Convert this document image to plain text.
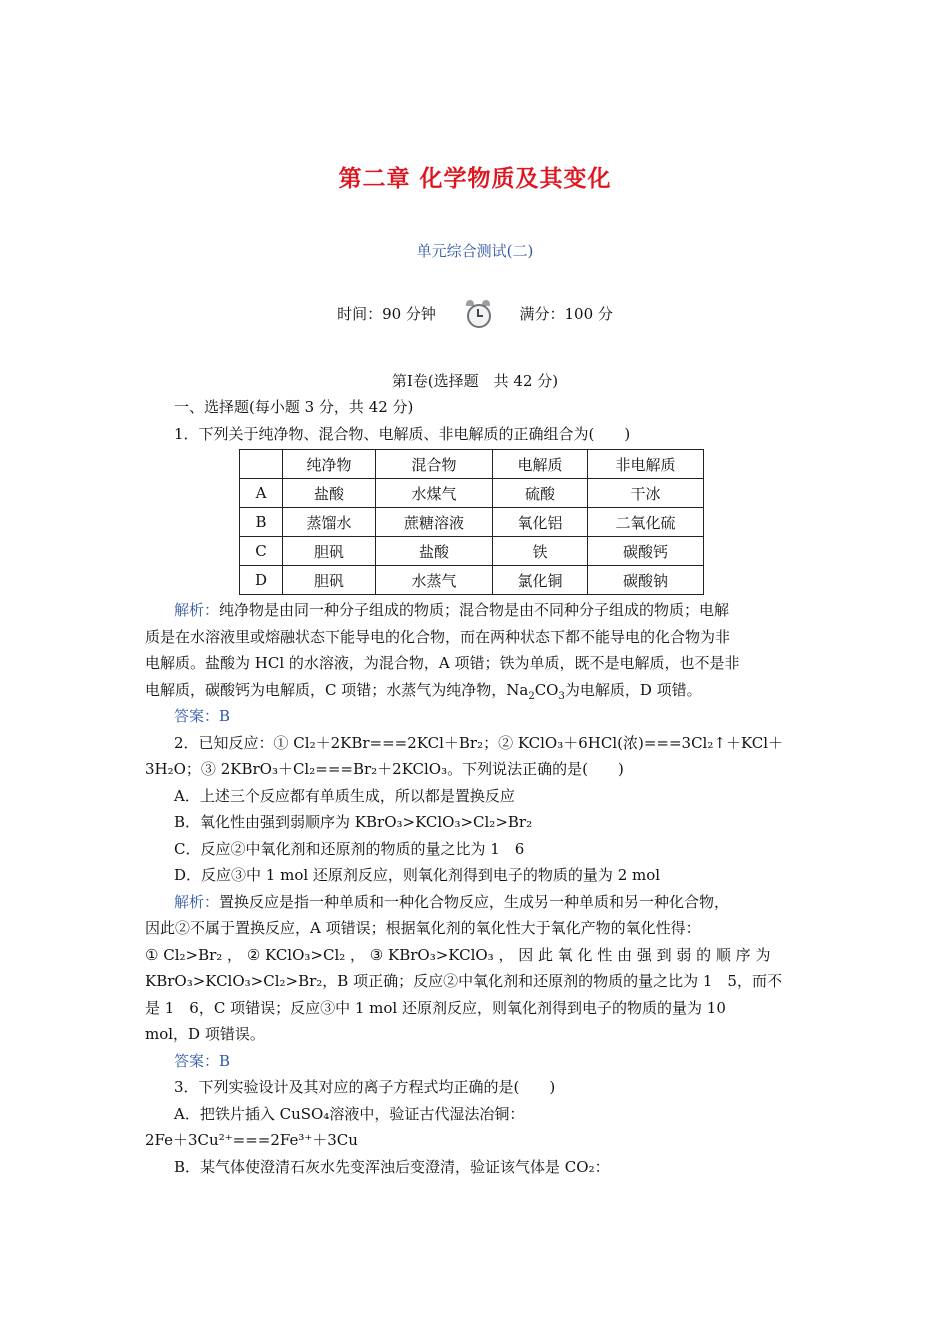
第二章 化学物质及其变化
单元综合测试(二)
时间：90 分钟	满分：100 分
第Ⅰ卷(选择题　共 42 分)

一、选择题(每小题 3 分，共 42 分)

1．下列关于纯净物、混合物、电解质、非电解质的正确组合为(　　)

	纯净物	混合物	电解质	非电解质
A	盐酸	水煤气	硫酸	干冰
B	蒸馏水	蔗糖溶液	氧化铝	二氧化硫
C	胆矾	盐酸	铁	碳酸钙
D	胆矾	水蒸气	氯化铜	碳酸钠

解析：纯净物是由同一种分子组成的物质；混合物是由不同种分子组成的物质；电解

质是在水溶液里或熔融状态下能导电的化合物，而在两种状态下都不能导电的化合物为非

电解质。盐酸为 HCl 的水溶液，为混合物，A 项错；铁为单质，既不是电解质，也不是非

电解质，碳酸钙为电解质，C 项错；水蒸气为纯净物，$Na_2CO_3$为电解质，D 项错。

答案：B

2．已知反应：① Cl₂＋2KBr===2KCl＋Br₂；② KClO₃＋6HCl(浓)===3Cl₂↑＋KCl＋

3H₂O；③ 2KBrO₃＋Cl₂===Br₂＋2KClO₃。下列说法正确的是(　　)

A．上述三个反应都有单质生成，所以都是置换反应

B．氧化性由强到弱顺序为 KBrO₃>KClO₃>Cl₂>Br₂

C．反应②中氧化剂和还原剂的物质的量之比为 1　6

D．反应③中 1 mol 还原剂反应，则氧化剂得到电子的物质的量为 2 mol

解析：置换反应是指一种单质和一种化合物反应，生成另一种单质和另一种化合物，

因此②不属于置换反应，A 项错误；根据氧化剂的氧化性大于氧化产物的氧化性得：

① Cl₂>Br₂ ， ② KClO₃>Cl₂ ， ③ KBrO₃>KClO₃ ， 因 此 氧 化 性 由 强 到 弱 的 顺 序 为

KBrO₃>KClO₃>Cl₂>Br₂，B 项正确；反应②中氧化剂和还原剂的物质的量之比为 1　5，而不

是 1　6，C 项错误；反应③中 1 mol 还原剂反应，则氧化剂得到电子的物质的量为 10

mol，D 项错误。

答案：B

3．下列实验设计及其对应的离子方程式均正确的是(　　)

A．把铁片插入 CuSO₄溶液中，验证古代湿法冶铜：

2Fe＋3Cu²⁺===2Fe³⁺＋3Cu

B．某气体使澄清石灰水先变浑浊后变澄清，验证该气体是 CO₂：
